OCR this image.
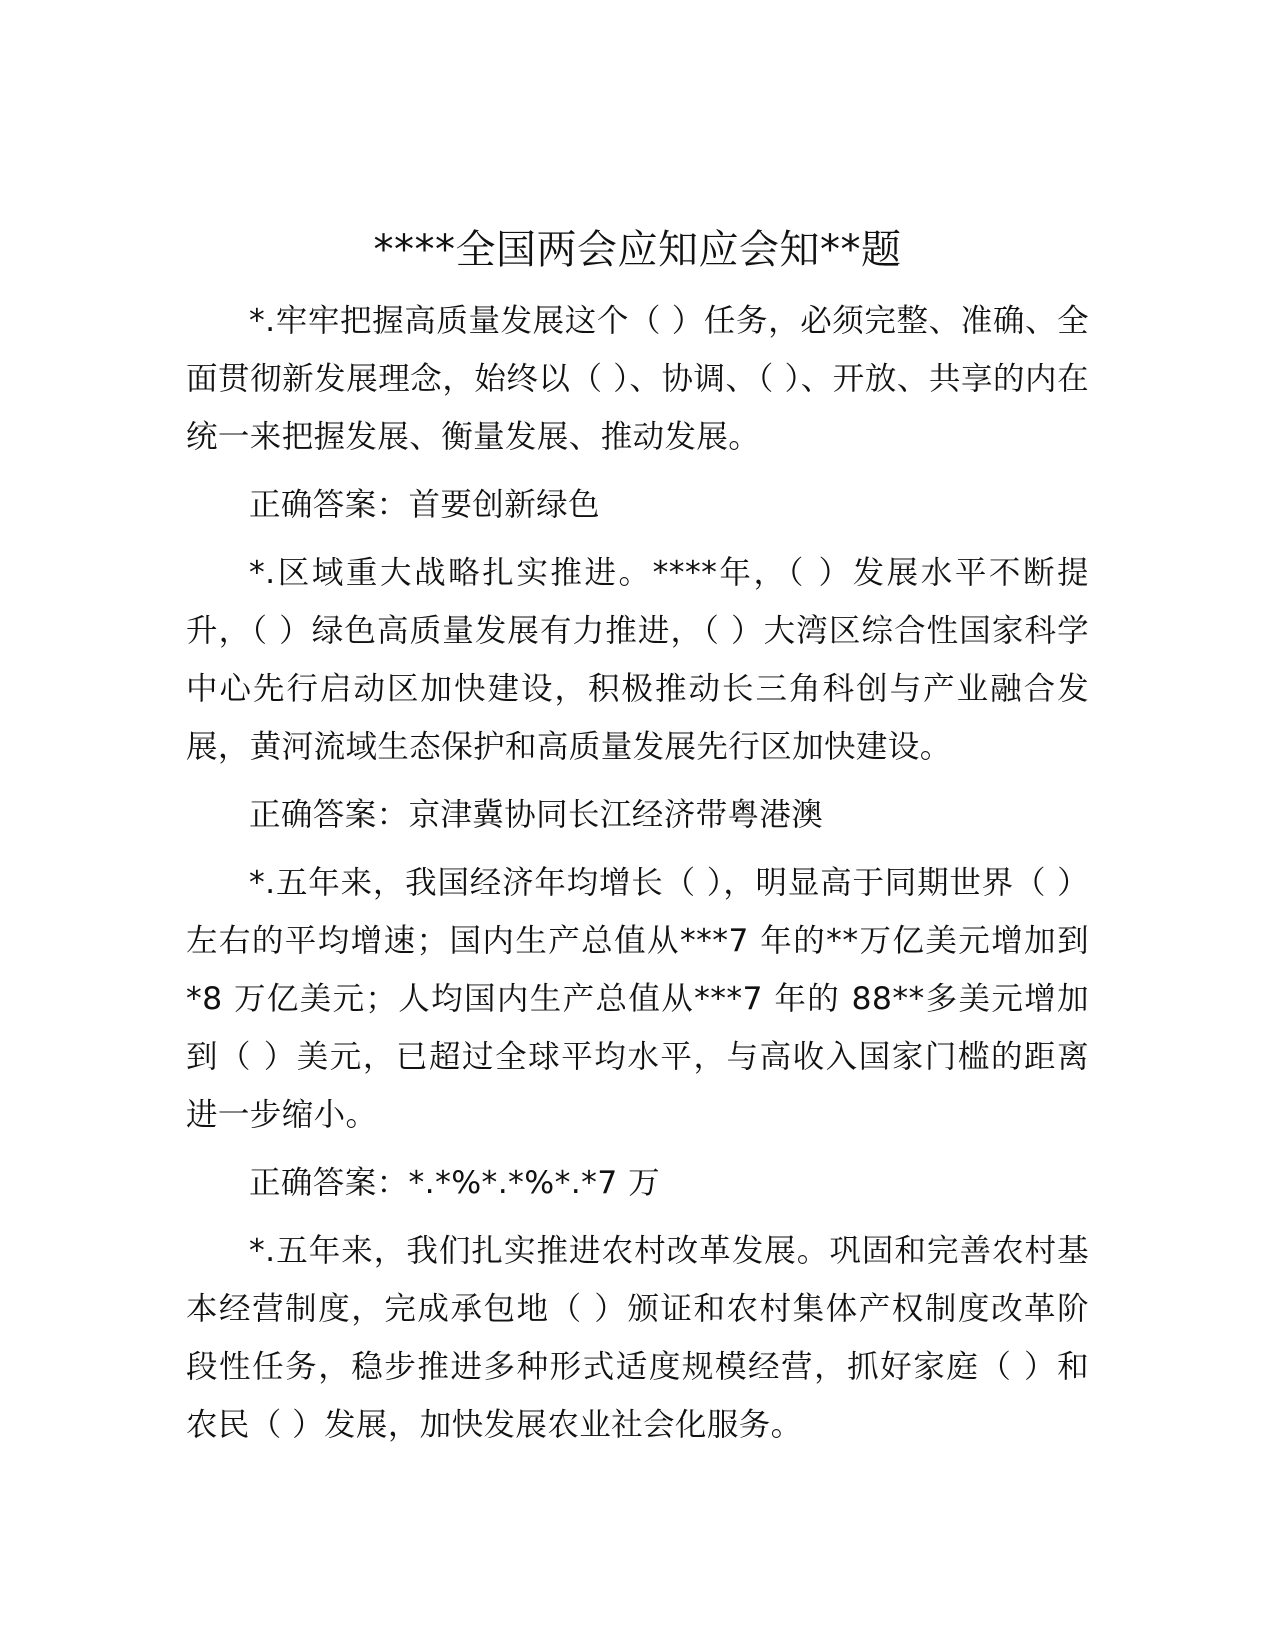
****全国两会应知应会知**题

*.牢牢把握高质量发展这个（ ）任务，必须完整、准确、全面贯彻新发展理念，始终以（ ）、协调、（ ）、开放、共享的内在统一来把握发展、衡量发展、推动发展。

正确答案：首要创新绿色

*.区域重大战略扎实推进。****年，（ ）发展水平不断提升，（ ）绿色高质量发展有力推进，（ ）大湾区综合性国家科学中心先行启动区加快建设，积极推动长三角科创与产业融合发展，黄河流域生态保护和高质量发展先行区加快建设。

正确答案：京津冀协同长江经济带粤港澳

*.五年来，我国经济年均增长（ ），明显高于同期世界（ ）左右的平均增速；国内生产总值从***7 年的**万亿美元增加到*8 万亿美元；人均国内生产总值从***7 年的 88**多美元增加到（ ）美元，已超过全球平均水平，与高收入国家门槛的距离进一步缩小。

正确答案：*.*%*.*%*.*7 万

*.五年来，我们扎实推进农村改革发展。巩固和完善农村基本经营制度，完成承包地（ ）颁证和农村集体产权制度改革阶段性任务，稳步推进多种形式适度规模经营，抓好家庭（ ）和农民（ ）发展，加快发展农业社会化服务。
